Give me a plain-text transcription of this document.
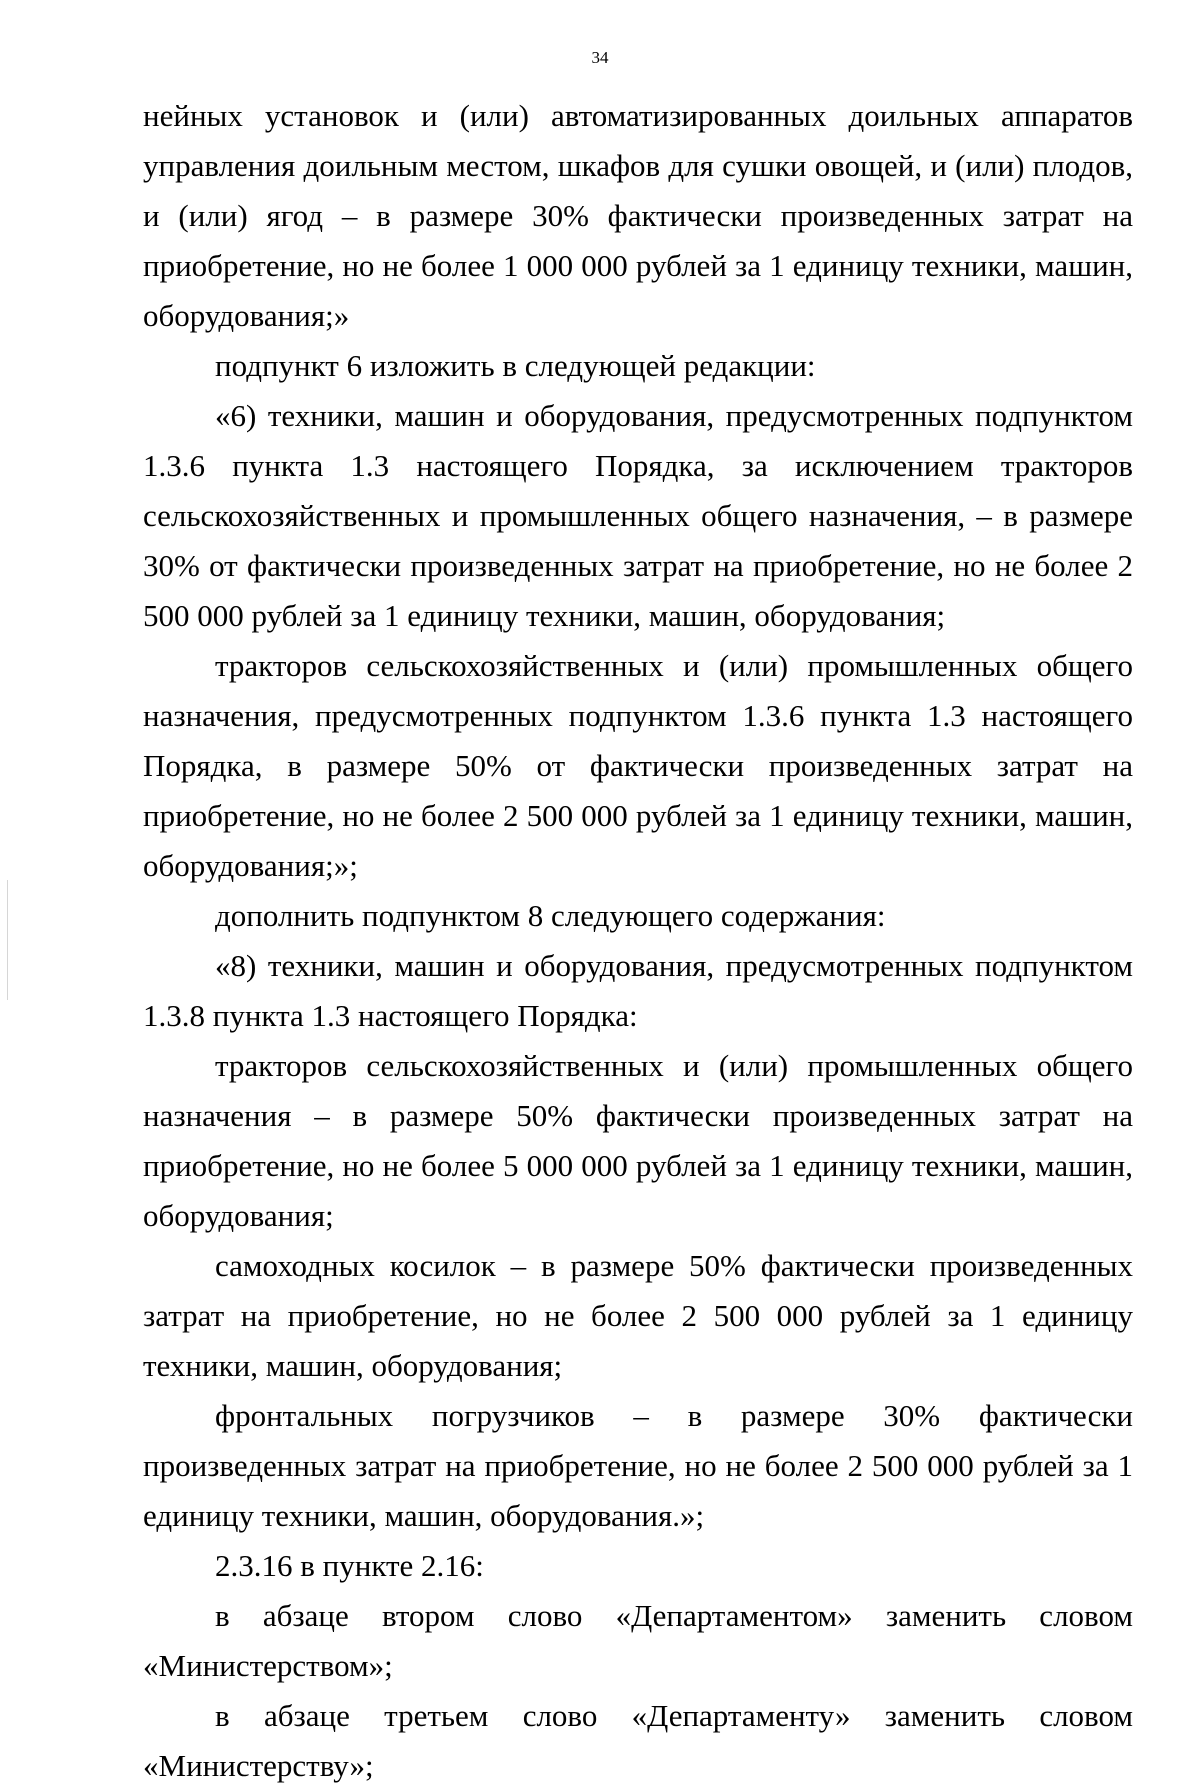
34

нейных установок и (или) автоматизированных доильных аппаратов управления доильным местом, шкафов для сушки овощей, и (или) плодов, и (или) ягод – в размере 30% фактически произведенных затрат на приобретение, но не более 1 000 000 рублей за 1 единицу техники, машин, оборудования;»

подпункт 6 изложить в следующей редакции:

«6) техники, машин и оборудования, предусмотренных подпунктом 1.3.6 пункта 1.3 настоящего Порядка, за исключением тракторов сельскохозяйственных и промышленных общего назначения, – в размере 30% от фактически произведенных затрат на приобретение, но не более 2 500 000 рублей за 1 единицу техники, машин, оборудования;

тракторов сельскохозяйственных и (или) промышленных общего назначения, предусмотренных подпунктом 1.3.6 пункта 1.3 настоящего Порядка, в размере 50% от фактически произведенных затрат на приобретение, но не более 2 500 000 рублей за 1 единицу техники, машин, оборудования;»;

дополнить подпунктом 8 следующего содержания:

«8) техники, машин и оборудования, предусмотренных подпунктом 1.3.8 пункта 1.3 настоящего Порядка:

тракторов сельскохозяйственных и (или) промышленных общего назначения – в размере 50% фактически произведенных затрат на приобретение, но не более 5 000 000 рублей за 1 единицу техники, машин, оборудования;

самоходных косилок – в размере 50% фактически произведенных затрат на приобретение, но не более 2 500 000 рублей за 1 единицу техники, машин, оборудования;

фронтальных погрузчиков – в размере 30% фактически произведенных затрат на приобретение, но не более 2 500 000 рублей за 1 единицу техники, машин, оборудования.»;

2.3.16 в пункте 2.16:

в абзаце втором слово «Департаментом» заменить словом «Министерством»;

в абзаце третьем слово «Департаменту» заменить словом «Министерству»;
